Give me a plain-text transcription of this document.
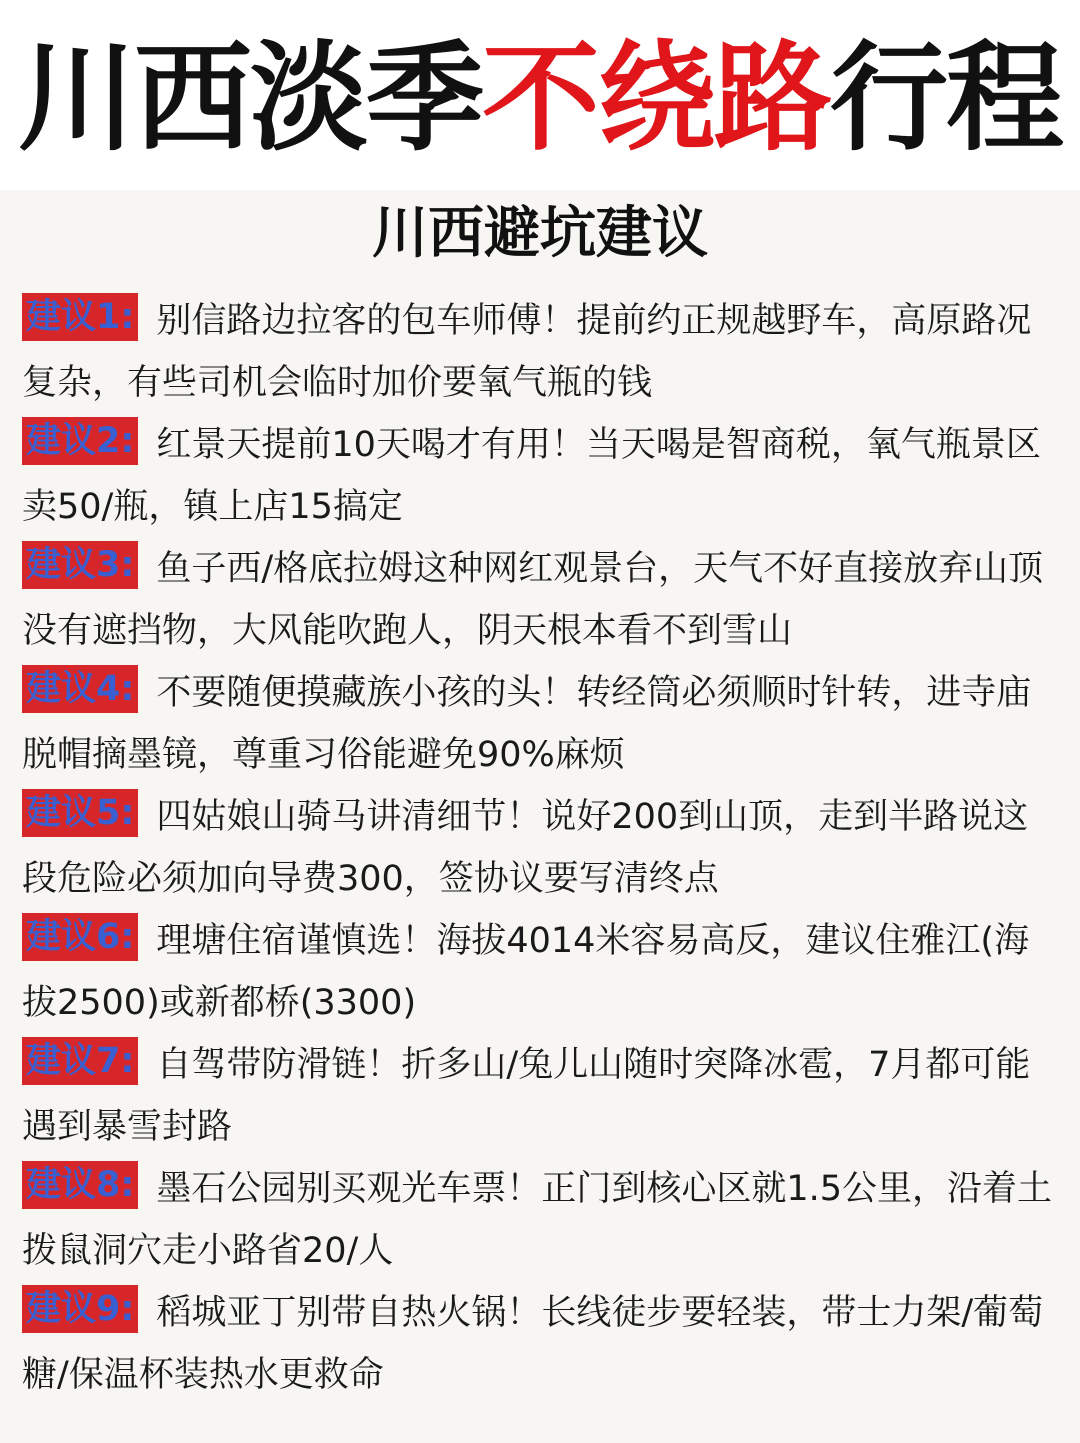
川西淡季不绕路行程
川西避坑建议

建议1: 别信路边拉客的包车师傅！提前约正规越野车，高原路况复杂，有些司机会临时加价要氧气瓶的钱

建议2: 红景天提前10天喝才有用！当天喝是智商税，氧气瓶景区卖50/瓶，镇上店15搞定

建议3: 鱼子西/格底拉姆这种网红观景台，天气不好直接放弃山顶没有遮挡物，大风能吹跑人，阴天根本看不到雪山

建议4: 不要随便摸藏族小孩的头！转经筒必须顺时针转，进寺庙脱帽摘墨镜，尊重习俗能避免90%麻烦

建议5: 四姑娘山骑马讲清细节！说好200到山顶，走到半路说这段危险必须加向导费300，签协议要写清终点

建议6: 理塘住宿谨慎选！海拔4014米容易高反，建议住雅江(海拔2500)或新都桥(3300)

建议7: 自驾带防滑链！折多山/兔儿山随时突降冰雹，7月都可能遇到暴雪封路

建议8: 墨石公园别买观光车票！正门到核心区就1.5公里，沿着土拨鼠洞穴走小路省20/人

建议9: 稻城亚丁别带自热火锅！长线徒步要轻装，带士力架/葡萄糖/保温杯装热水更救命
